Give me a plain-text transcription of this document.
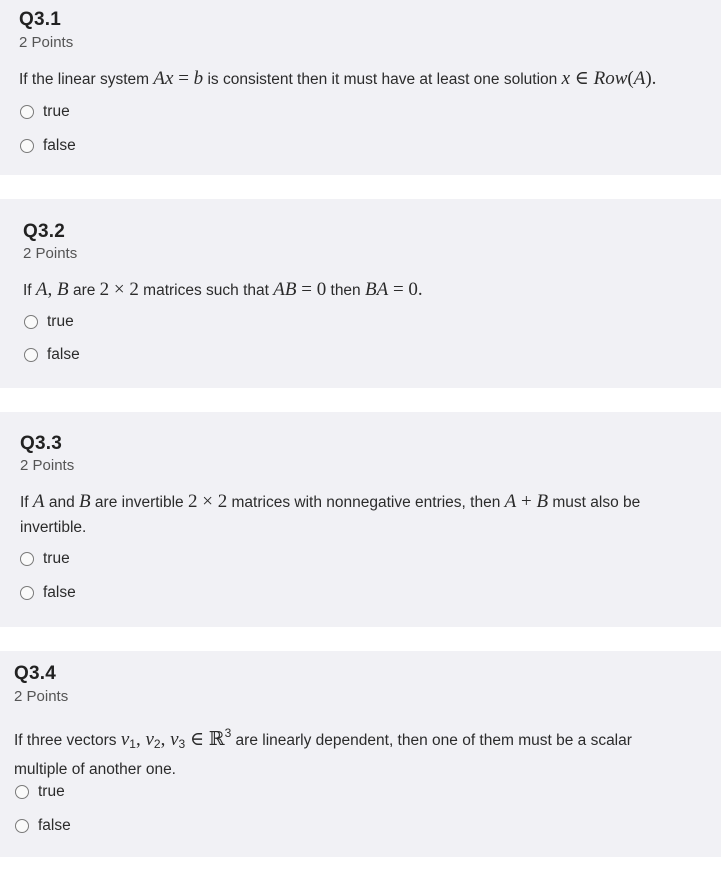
Q3.1
2 Points
If the linear system Ax = b is consistent then it must have at least one solution x ∈ Row(A).
true
false
Q3.2
2 Points
If A, B are 2 × 2 matrices such that AB = 0 then BA = 0.
true
false
Q3.3
2 Points
If A and B are invertible 2 × 2 matrices with nonnegative entries, then A + B must also be
invertible.
true
false
Q3.4
2 Points
If three vectors $v_1$, $v_2$, $v_3$ ∈ ℝ$^3$ are linearly dependent, then one of them must be a scalar
multiple of another one.
true
false
